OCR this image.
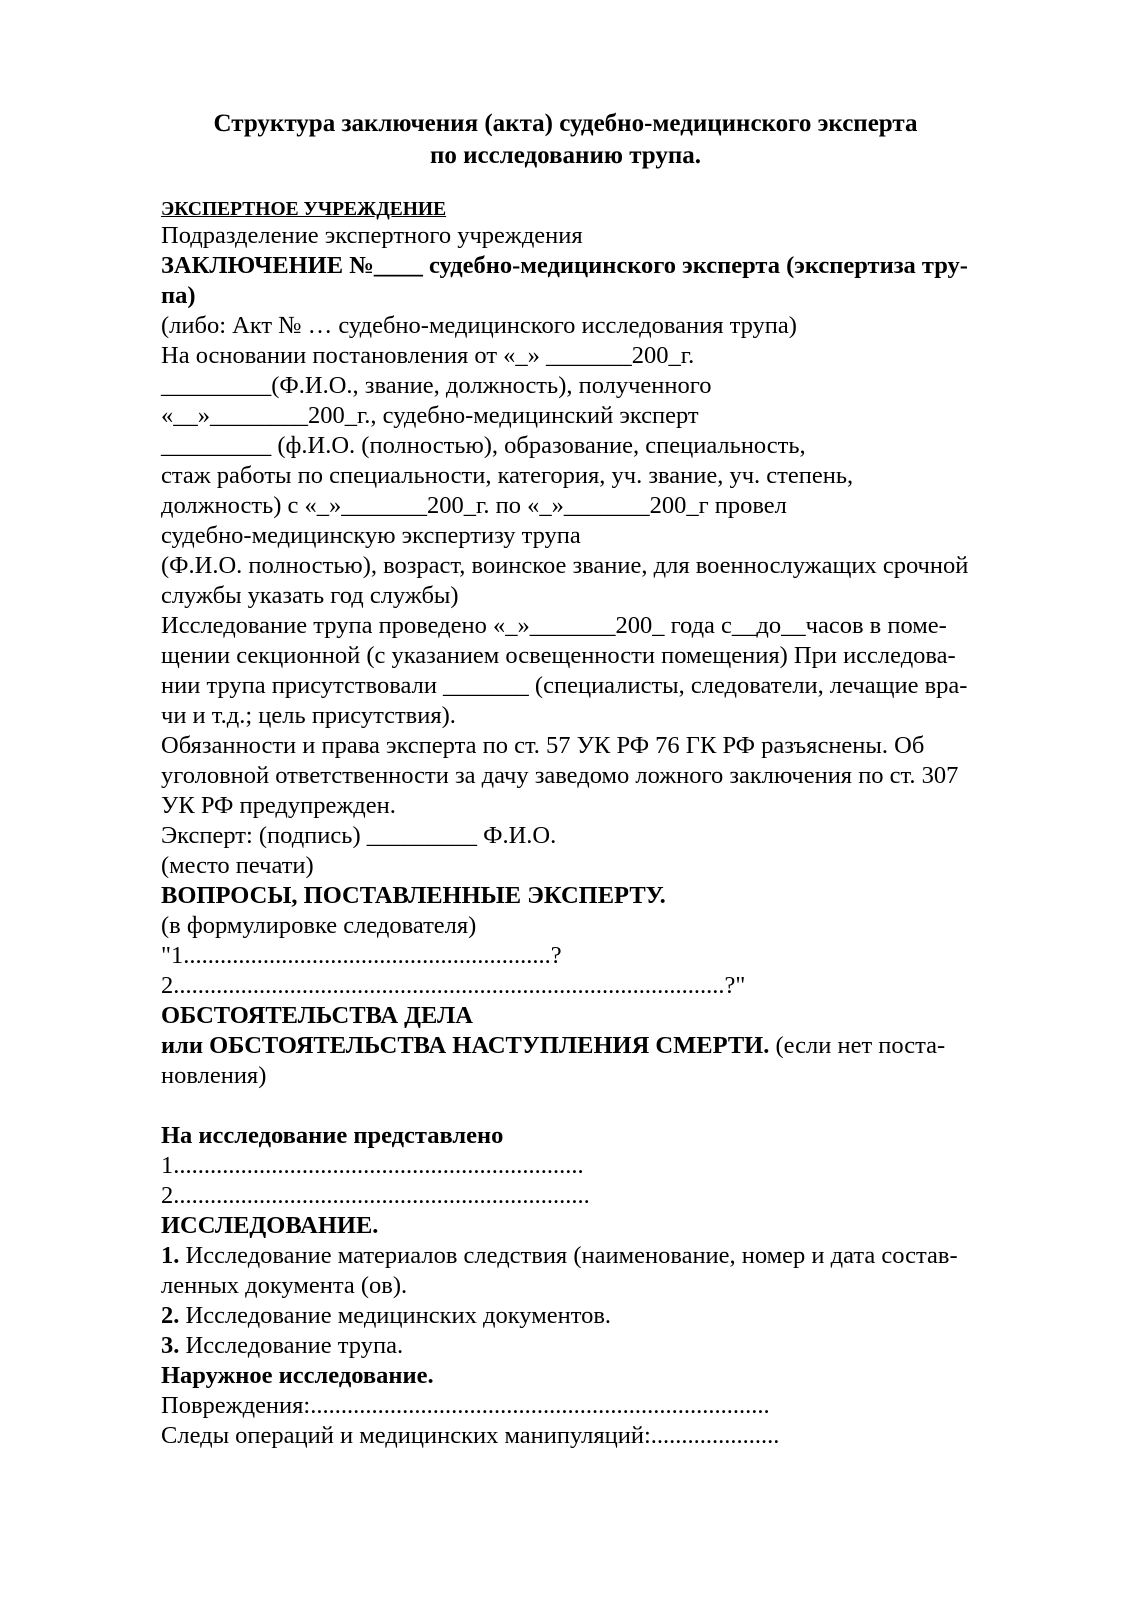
Структура заключения (акта) судебно-медицинского эксперта
по исследованию трупа.
ЭКСПЕРТНОЕ УЧРЕЖДЕНИЕ
Подразделение экспертного учреждения
ЗАКЛЮЧЕНИЕ №____ судебно-медицинского эксперта (экспертиза тру-
па)
(либо: Акт № … судебно-медицинского исследования трупа)
На основании постановления от «_» _______200_г.
_________(Ф.И.О., звание, должность), полученного
«__»________200_г., судебно-медицинский эксперт
_________ (ф.И.О. (полностью), образование, специальность,
стаж работы по специальности, категория, уч. звание, уч. степень,
должность) с «_»_______200_г. по «_»_______200_г провел
судебно-медицинскую экспертизу трупа
(Ф.И.О. полностью), возраст, воинское звание, для военнослужащих срочной
службы указать год службы)
Исследование трупа проведено «_»_______200_ года с__до__часов в поме-
щении секционной (с указанием освещенности помещения) При исследова-
нии трупа присутствовали _______ (специалисты, следователи, лечащие вра-
чи и т.д.; цель присутствия).
Обязанности и права эксперта по ст. 57 УК РФ 76 ГК РФ разъяснены. Об
уголовной ответственности за дачу заведомо ложного заключения по ст. 307
УК РФ предупрежден.
Эксперт: (подпись) _________ Ф.И.О.
(место печати)
ВОПРОСЫ, ПОСТАВЛЕННЫЕ ЭКСПЕРТУ.
(в формулировке следователя)
"1............................................................?
2..........................................................................................?"
ОБСТОЯТЕЛЬСТВА ДЕЛА
или ОБСТОЯТЕЛЬСТВА НАСТУПЛЕНИЯ СМЕРТИ. (если нет поста-
новления)
На исследование представлено
1...................................................................
2....................................................................
ИССЛЕДОВАНИЕ.
1. Исследование материалов следствия (наименование, номер и дата состав-
ленных документа (ов).
2. Исследование медицинских документов.
3. Исследование трупа.
Наружное исследование.
Повреждения:...........................................................................
Следы операций и медицинских манипуляций:.....................
